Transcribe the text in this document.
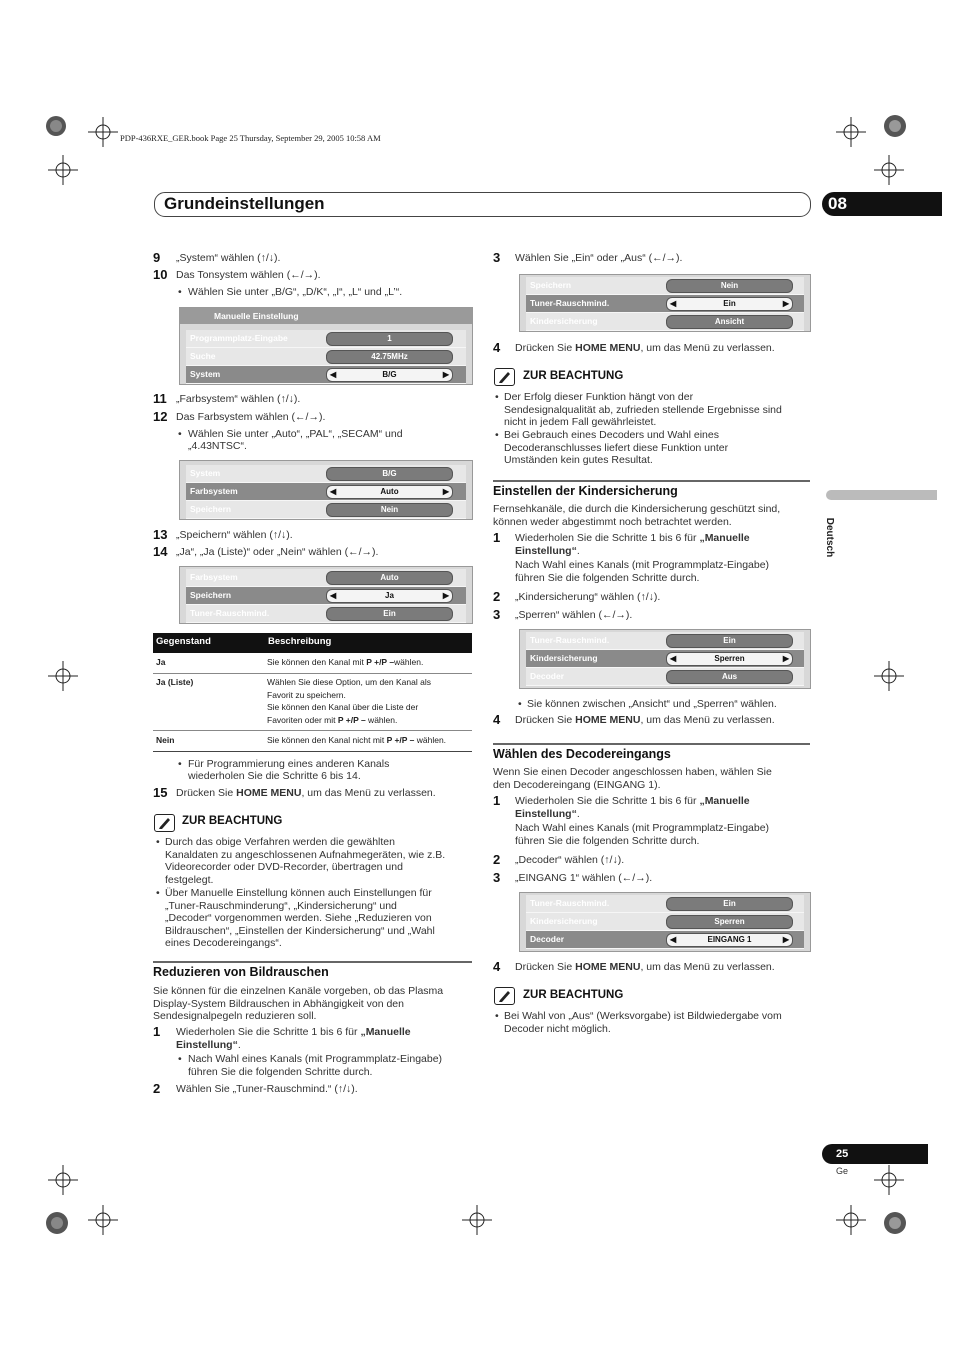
PDP-436RXE_GER.book Page 25 Thursday, September 29, 2005 10:58 AM
Grundeinstellungen	08
Deutsch
9 „System“ wählen (↑/↓).
10 Das Tonsystem wählen (←/→).
• Wählen Sie unter „B/G“, „D/K“, „I“, „L“ und „L’“.
Manuelle Einstellung
Programmplatz-Eingabe	1
Suche	42.75MHz
System	B/G
◀	▶
11 „Farbsystem“ wählen (↑/↓).
12 Das Farbsystem wählen (←/→).
• Wählen Sie unter „Auto“, „PAL“, „SECAM“ und
„4.43NTSC“.
System	B/G
Farbsystem	Auto
◀	▶
Speichern	Nein
13 „Speichern“ wählen (↑/↓).
14 „Ja“, „Ja (Liste)“ oder „Nein“ wählen (←/→).
Farbsystem	Auto
Speichern	Ja
◀	▶
Tuner-Rauschmind.	Ein
Gegenstand	Beschreibung
Ja	Sie können den Kanal mit P +/P –wählen.
Ja (Liste)	Wählen Sie diese Option, um den Kanal als
Favorit zu speichern.
Sie können den Kanal über die Liste der
Favoriten oder mit P +/P – wählen.
Nein	Sie können den Kanal nicht mit P +/P – wählen.
• Für Programmierung eines anderen Kanals
wiederholen Sie die Schritte 6 bis 14.
15 Drücken Sie HOME MENU, um das Menü zu verlassen.
ZUR BEACHTUNG
• Durch das obige Verfahren werden die gewählten
Kanaldaten zu angeschlossenen Aufnahmegeräten, wie z.B.
Videorecorder oder DVD-Recorder, übertragen und
festgelegt.
• Über Manuelle Einstellung können auch Einstellungen für
„Tuner-Rauschminderung“, „Kindersicherung“ und
„Decoder“ vorgenommen werden. Siehe „Reduzieren von
Bildrauschen“, „Einstellen der Kindersicherung“ und „Wahl
eines Decodereingangs“.
Reduzieren von Bildrauschen
Sie können für die einzelnen Kanäle vorgeben, ob das Plasma
Display-System Bildrauschen in Abhängigkeit von den
Sendesignalpegeln reduzieren soll.
1 Wiederholen Sie die Schritte 1 bis 6 für „Manuelle
Einstellung“.
• Nach Wahl eines Kanals (mit Programmplatz-Eingabe)
führen Sie die folgenden Schritte durch.
2 Wählen Sie „Tuner-Rauschmind.“ (↑/↓).
3 Wählen Sie „Ein“ oder „Aus“ (←/→).
Speichern	Nein
Tuner-Rauschmind.	Ein
◀	▶
Kindersicherung	Ansicht
4 Drücken Sie HOME MENU, um das Menü zu verlassen.
ZUR BEACHTUNG
• Der Erfolg dieser Funktion hängt von der
Sendesignalqualität ab, zufrieden stellende Ergebnisse sind
nicht in jedem Fall gewährleistet.
• Bei Gebrauch eines Decoders und Wahl eines
Decoderanschlusses liefert diese Funktion unter
Umständen kein gutes Resultat.
Einstellen der Kindersicherung
Fernsehkanäle, die durch die Kindersicherung geschützt sind,
können weder abgestimmt noch betrachtet werden.
1 Wiederholen Sie die Schritte 1 bis 6 für „Manuelle
Einstellung“.
Nach Wahl eines Kanals (mit Programmplatz-Eingabe)
führen Sie die folgenden Schritte durch.
2 „Kindersicherung“ wählen (↑/↓).
3 „Sperren“ wählen (←/→).
Tuner-Rauschmind.	Ein
Kindersicherung	Sperren
◀	▶
Decoder	Aus
• Sie können zwischen „Ansicht“ und „Sperren“ wählen.
4 Drücken Sie HOME MENU, um das Menü zu verlassen.
Wählen des Decodereingangs
Wenn Sie einen Decoder angeschlossen haben, wählen Sie
den Decodereingang (EINGANG 1).
1 Wiederholen Sie die Schritte 1 bis 6 für „Manuelle
Einstellung“.
Nach Wahl eines Kanals (mit Programmplatz-Eingabe)
führen Sie die folgenden Schritte durch.
2 „Decoder“ wählen (↑/↓).
3 „EINGANG 1“ wählen (←/→).
Tuner-Rauschmind.	Ein
Kindersicherung	Sperren
Decoder	EINGANG 1
◀	▶
4 Drücken Sie HOME MENU, um das Menü zu verlassen.
ZUR BEACHTUNG
• Bei Wahl von „Aus“ (Werksvorgabe) ist Bildwiedergabe vom
Decoder nicht möglich.
25
Ge
